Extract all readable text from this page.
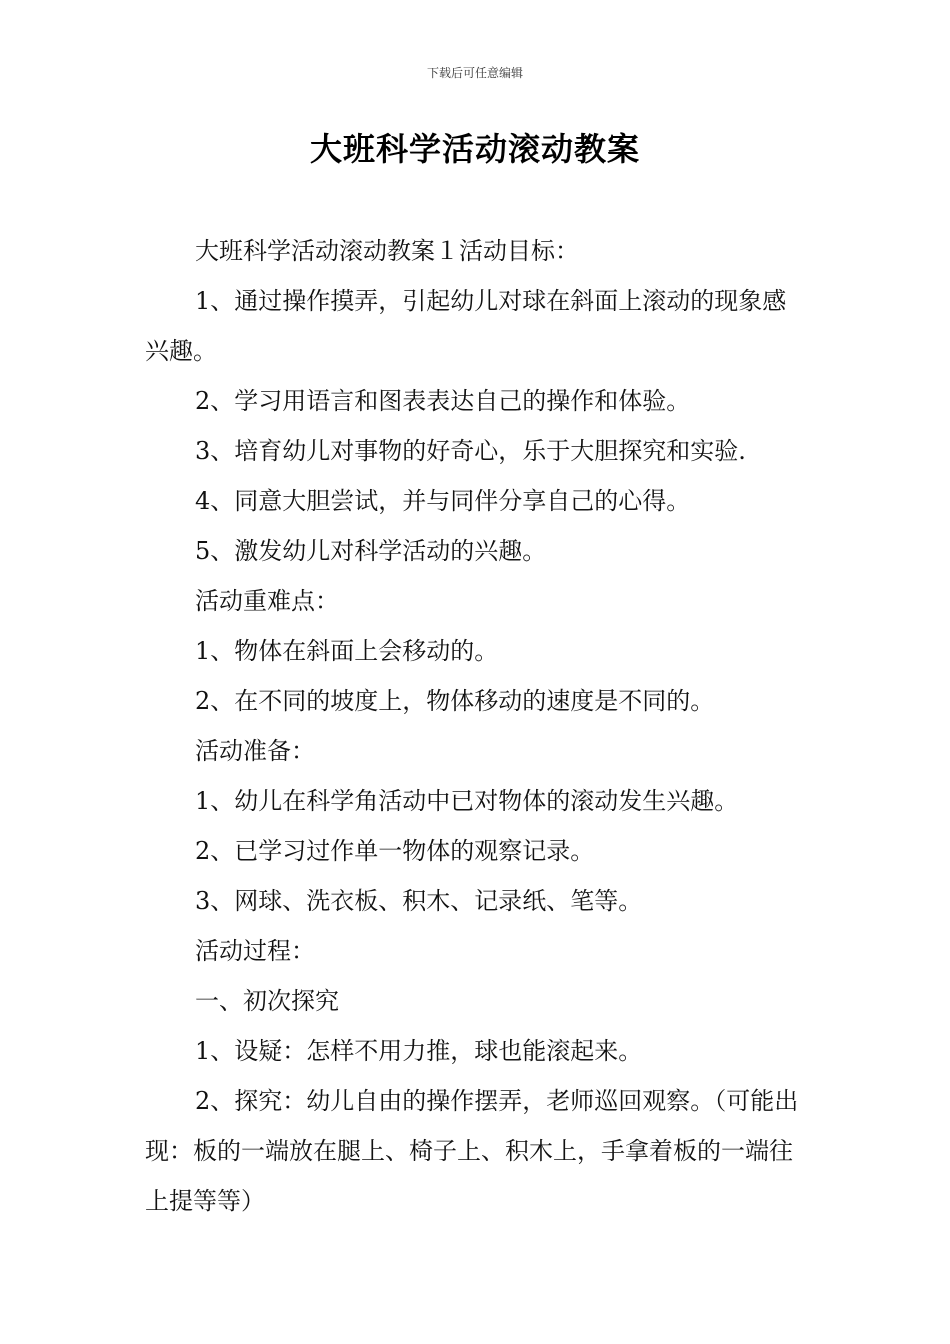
下载后可任意编辑
大班科学活动滚动教案

大班科学活动滚动教案１活动目标：

1、通过操作摸弄，引起幼儿对球在斜面上滚动的现象感兴趣。

2、学习用语言和图表表达自己的操作和体验。

3、培育幼儿对事物的好奇心，乐于大胆探究和实验.

4、同意大胆尝试，并与同伴分享自己的心得。

5、激发幼儿对科学活动的兴趣。

活动重难点：

1、物体在斜面上会移动的。

2、在不同的坡度上，物体移动的速度是不同的。

活动准备：

1、幼儿在科学角活动中已对物体的滚动发生兴趣。

2、已学习过作单一物体的观察记录。

3、网球、洗衣板、积木、记录纸、笔等。

活动过程：

一、初次探究

1、设疑：怎样不用力推，球也能滚起来。

2、探究：幼儿自由的操作摆弄，老师巡回观察。（可能出现：板的一端放在腿上、椅子上、积木上，手拿着板的一端往上提等等）
